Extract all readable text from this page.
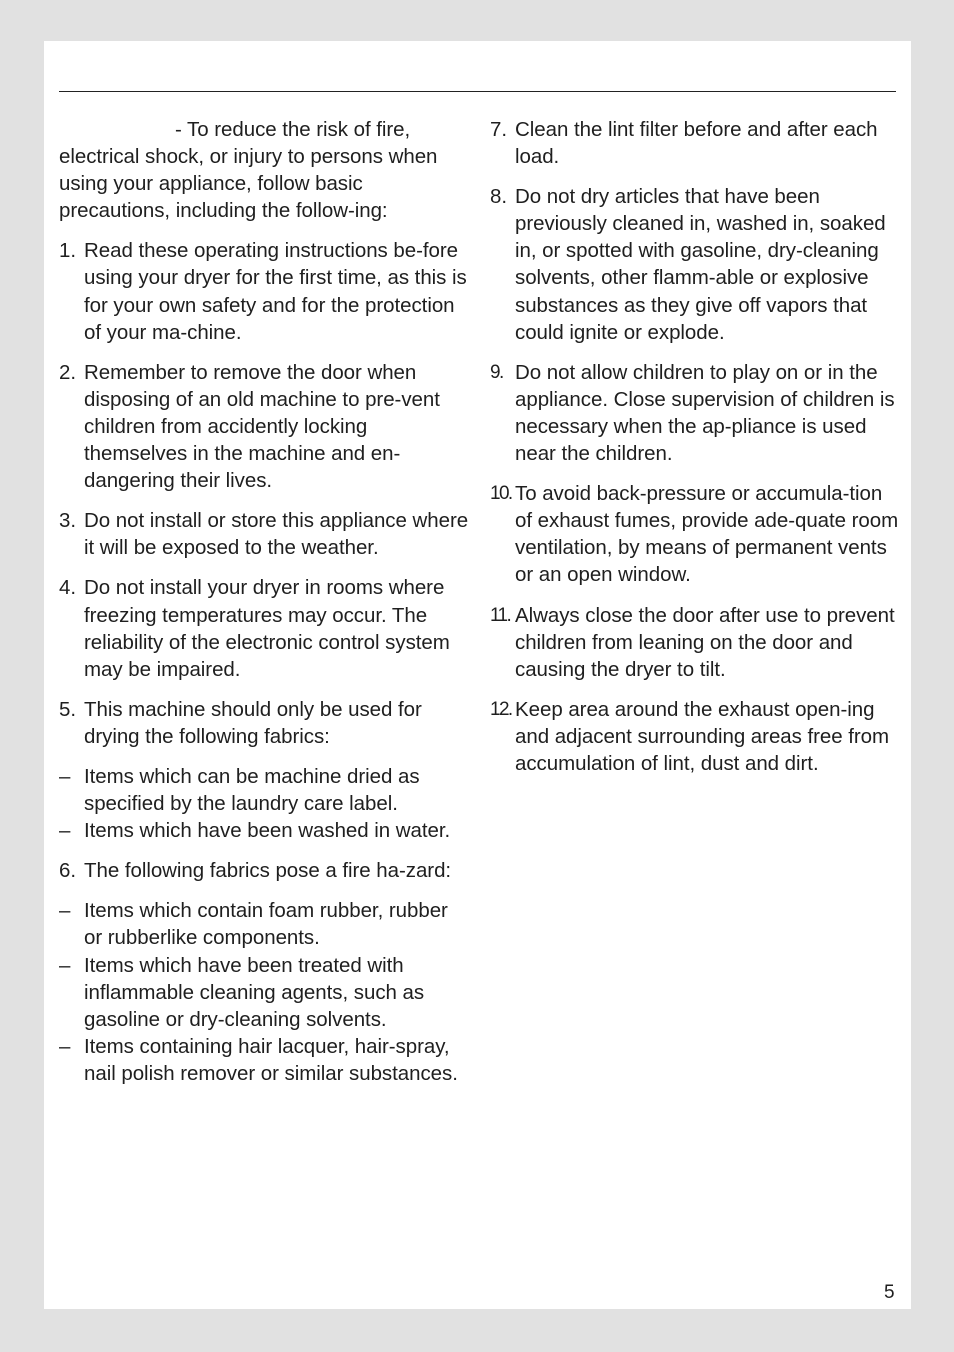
- To reduce the risk of fire, electrical shock, or injury to persons when using your appliance, follow basic precautions, including the follow-ing:

1. Read these operating instructions be-fore using your dryer for the first time, as this is for your own safety and for the protection of your ma-chine.

2. Remember to remove the door when disposing of an old machine to pre-vent children from accidently locking themselves in the machine and en-dangering their lives.

3. Do not install or store this appliance where it will be exposed to the weather.

4. Do not install your dryer in rooms where freezing temperatures may occur. The reliability of the electronic control system may be impaired.

5. This machine should only be used for drying the following fabrics:

– Items which can be machine dried as specified by the laundry care label.

– Items which have been washed in water.

6. The following fabrics pose a fire ha-zard:

– Items which contain foam rubber, rubber or rubberlike components.

– Items which have been treated with inflammable cleaning agents, such as gasoline or dry-cleaning solvents.

– Items containing hair lacquer, hair-spray, nail polish remover or similar substances.

7. Clean the lint filter before and after each load.

8. Do not dry articles that have been previously cleaned in, washed in, soaked in, or spotted with gasoline, dry-cleaning solvents, other flamm-able or explosive substances as they give off vapors that could ignite or explode.

9. Do not allow children to play on or in the appliance. Close supervision of children is necessary when the ap-pliance is used near the children.

10. To avoid back-pressure or accumula-tion of exhaust fumes, provide ade-quate room ventilation, by means of permanent vents or an open window.

11. Always close the door after use to prevent children from leaning on the door and causing the dryer to tilt.

12. Keep area around the exhaust open-ing and adjacent surrounding areas free from accumulation of lint, dust and dirt.

5
